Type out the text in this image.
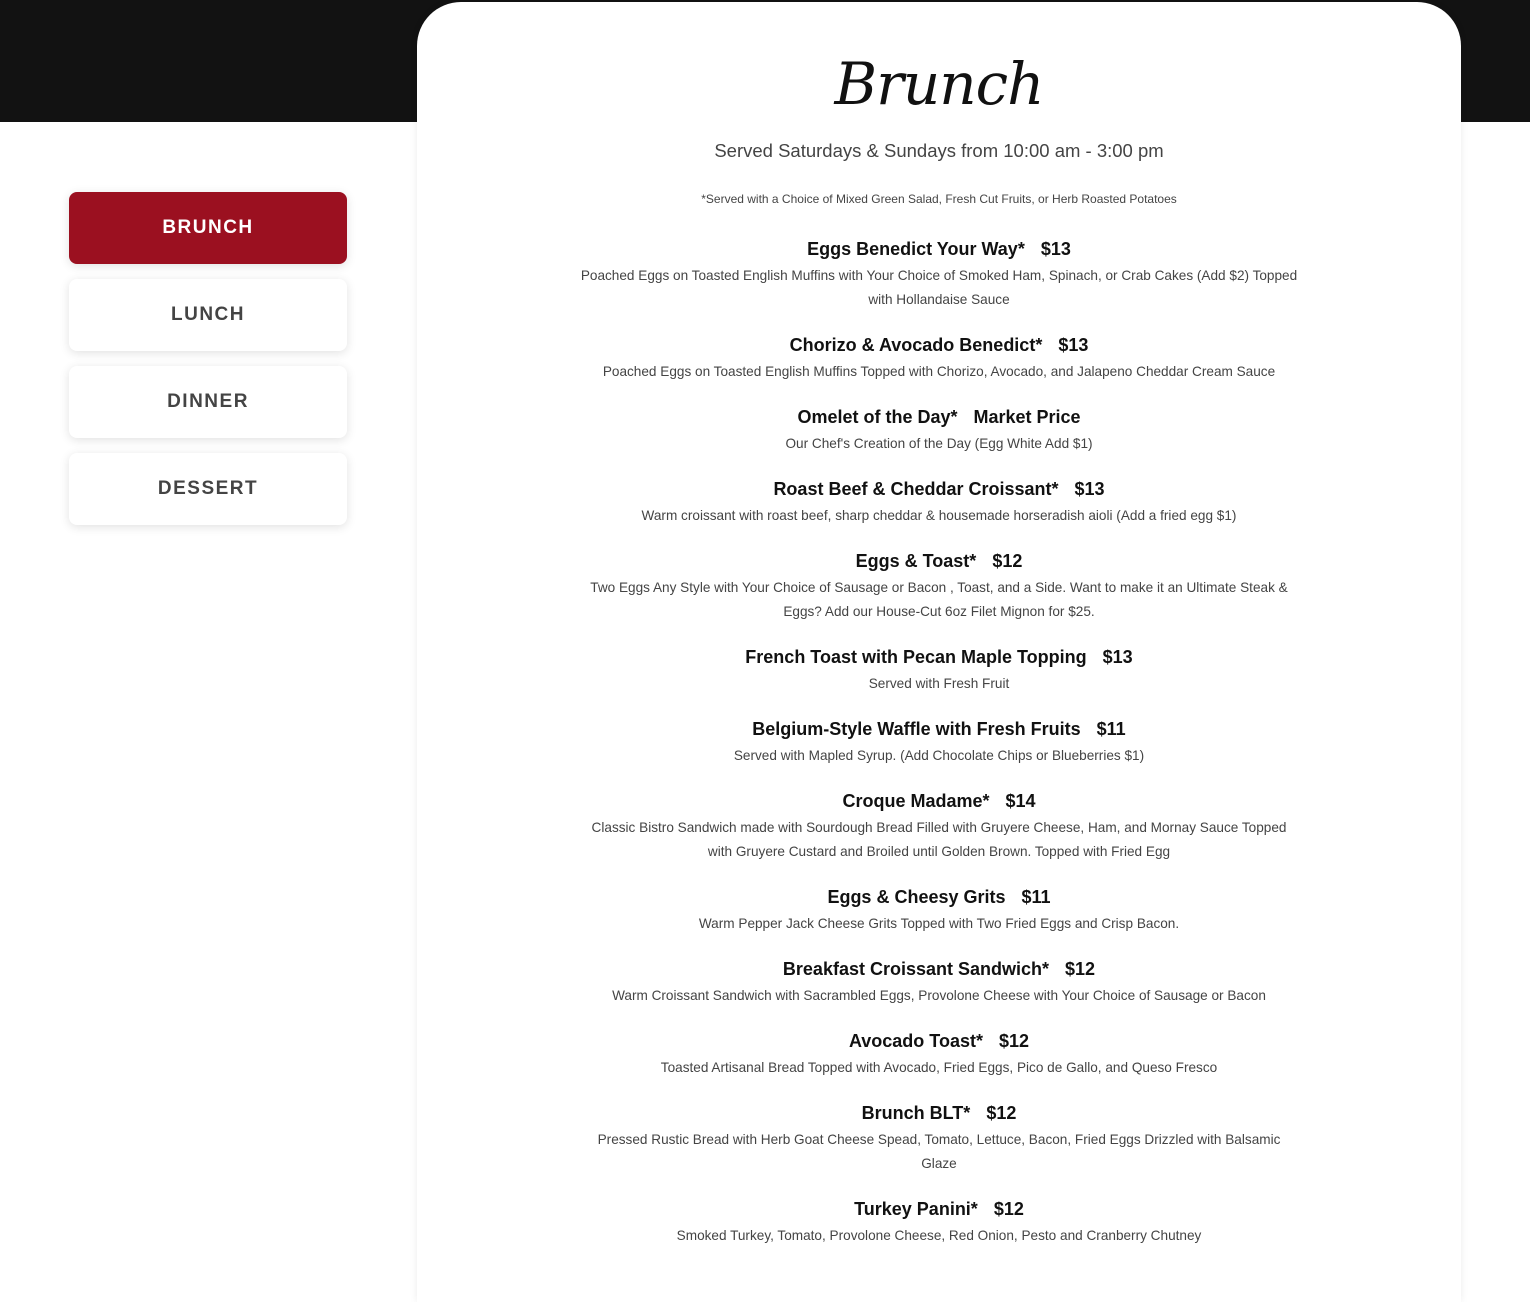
BRUNCH
LUNCH
DINNER
DESSERT
Brunch
Served Saturdays & Sundays from 10:00 am - 3:00 pm
*Served with a Choice of Mixed Green Salad, Fresh Cut Fruits, or Herb Roasted Potatoes
Eggs Benedict Your Way* $13
Poached Eggs on Toasted English Muffins with Your Choice of Smoked Ham, Spinach, or Crab Cakes (Add $2) Topped with Hollandaise Sauce
Chorizo & Avocado Benedict* $13
Poached Eggs on Toasted English Muffins Topped with Chorizo, Avocado, and Jalapeno Cheddar Cream Sauce
Omelet of the Day* Market Price
Our Chef's Creation of the Day (Egg White Add $1)
Roast Beef & Cheddar Croissant* $13
Warm croissant with roast beef, sharp cheddar & housemade horseradish aioli (Add a fried egg $1)
Eggs & Toast* $12
Two Eggs Any Style with Your Choice of Sausage or Bacon , Toast, and a Side. Want to make it an Ultimate Steak & Eggs? Add our House-Cut 6oz Filet Mignon for $25.
French Toast with Pecan Maple Topping $13
Served with Fresh Fruit
Belgium-Style Waffle with Fresh Fruits $11
Served with Mapled Syrup. (Add Chocolate Chips or Blueberries $1)
Croque Madame* $14
Classic Bistro Sandwich made with Sourdough Bread Filled with Gruyere Cheese, Ham, and Mornay Sauce Topped with Gruyere Custard and Broiled until Golden Brown. Topped with Fried Egg
Eggs & Cheesy Grits $11
Warm Pepper Jack Cheese Grits Topped with Two Fried Eggs and Crisp Bacon.
Breakfast Croissant Sandwich* $12
Warm Croissant Sandwich with Sacrambled Eggs, Provolone Cheese with Your Choice of Sausage or Bacon
Avocado Toast* $12
Toasted Artisanal Bread Topped with Avocado, Fried Eggs, Pico de Gallo, and Queso Fresco
Brunch BLT* $12
Pressed Rustic Bread with Herb Goat Cheese Spead, Tomato, Lettuce, Bacon, Fried Eggs Drizzled with Balsamic Glaze
Turkey Panini* $12
Smoked Turkey, Tomato, Provolone Cheese, Red Onion, Pesto and Cranberry Chutney
